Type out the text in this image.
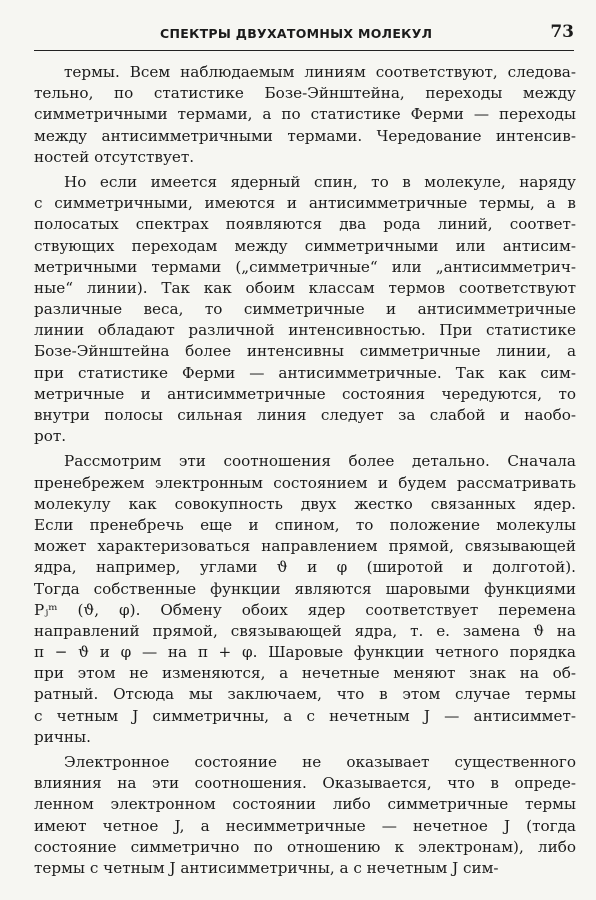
СПЕКТРЫ ДВУХАТОМНЫХ МОЛЕКУЛ	73
термы. Всем наблюдаемым линиям соответствуют, следова-
тельно, по статистике Бозе-Эйнштейна, переходы между
симметричными термами, а по статистике Ферми — переходы
между антисимметричными термами. Чередование интенсив-
ностей отсутствует.
Но если имеется ядерный спин, то в молекуле, наряду
с симметричными, имеются и антисимметричные термы, а в
полосатых спектрах появляются два рода линий, соответ-
ствующих переходам между симметричными или антисим-
метричными термами („симметричные“ или „антисимметрич-
ные“ линии). Так как обоим классам термов соответствуют
различные веса, то симметричные и антисимметричные
линии обладают различной интенсивностью. При статистике
Бозе-Эйнштейна более интенсивны симметричные линии, а
при статистике Ферми — антисимметричные. Так как сим-
метричные и антисимметричные состояния чередуются, то
внутри полосы сильная линия следует за слабой и наобо-
рот.
Рассмотрим эти соотношения более детально. Сначала
пренебрежем электронным состоянием и будем рассматривать
молекулу как совокупность двух жестко связанных ядер.
Если пренебречь еще и спином, то положение молекулы
может характеризоваться направлением прямой, связывающей
ядра, например, углами ϑ и φ (широтой и долготой).
Тогда собственные функции являются шаровыми функциями
Pⱼᵐ (ϑ, φ). Обмену обоих ядер соответствует перемена
направлений прямой, связывающей ядра, т. е. замена ϑ на
π − ϑ и φ — на π + φ. Шаровые функции четного порядка
при этом не изменяются, а нечетные меняют знак на об-
ратный. Отсюда мы заключаем, что в этом случае термы
с четным J симметричны, а с нечетным J — антисиммет-
ричны.
Электронное состояние не оказывает существенного
влияния на эти соотношения. Оказывается, что в опреде-
ленном электронном состоянии либо симметричные термы
имеют четное J, а несимметричные — нечетное J (тогда
состояние симметрично по отношению к электронам), либо
термы с четным J антисимметричны, а с нечетным J сим-
